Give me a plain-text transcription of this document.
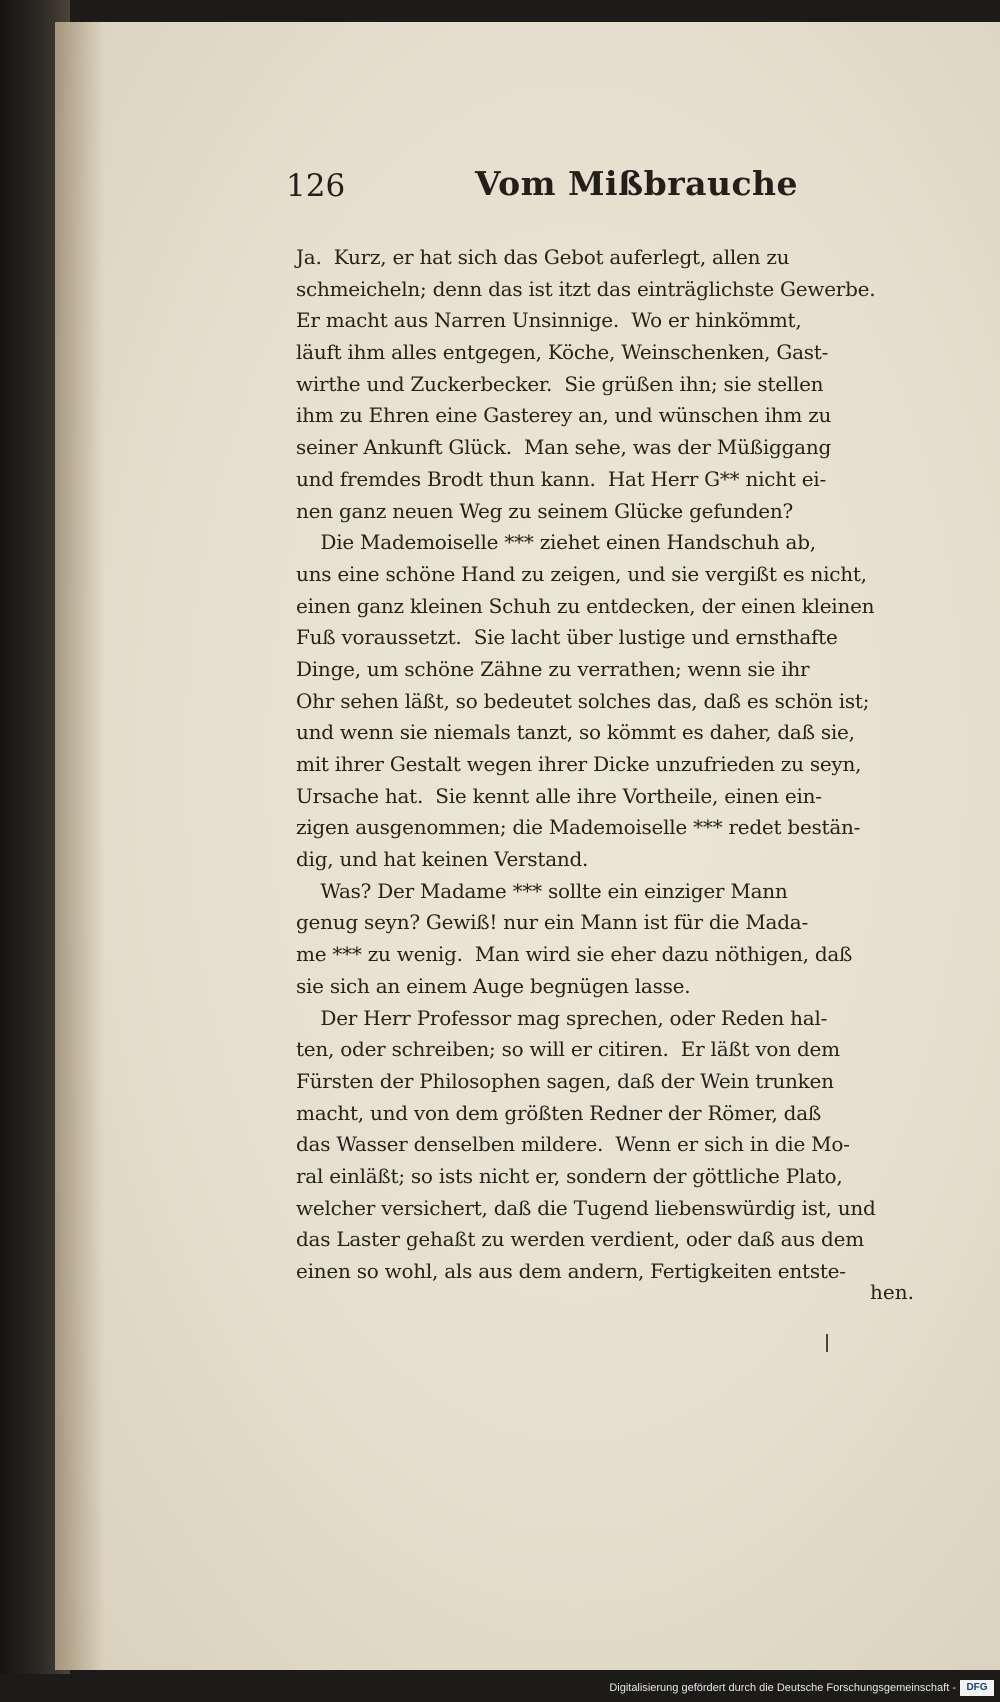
126	Vom Mißbrauche
Ja.  Kurz, er hat sich das Gebot auferlegt, allen zu
schmeicheln; denn das ist itzt das einträglichste Gewerbe.
Er macht aus Narren Unsinnige.  Wo er hinkömmt,
läuft ihm alles entgegen, Köche, Weinschenken, Gast-
wirthe und Zuckerbecker.  Sie grüßen ihn; sie stellen
ihm zu Ehren eine Gasterey an, und wünschen ihm zu
seiner Ankunft Glück.  Man sehe, was der Müßiggang
und fremdes Brodt thun kann.  Hat Herr G** nicht ei-
nen ganz neuen Weg zu seinem Glücke gefunden?
Die Mademoiselle *** ziehet einen Handschuh ab,
uns eine schöne Hand zu zeigen, und sie vergißt es nicht,
einen ganz kleinen Schuh zu entdecken, der einen kleinen
Fuß voraussetzt.  Sie lacht über lustige und ernsthafte
Dinge, um schöne Zähne zu verrathen; wenn sie ihr
Ohr sehen läßt, so bedeutet solches das, daß es schön ist;
und wenn sie niemals tanzt, so kömmt es daher, daß sie,
mit ihrer Gestalt wegen ihrer Dicke unzufrieden zu seyn,
Ursache hat.  Sie kennt alle ihre Vortheile, einen ein-
zigen ausgenommen; die Mademoiselle *** redet bestän-
dig, und hat keinen Verstand.
Was? Der Madame *** sollte ein einziger Mann
genug seyn? Gewiß! nur ein Mann ist für die Mada-
me *** zu wenig.  Man wird sie eher dazu nöthigen, daß
sie sich an einem Auge begnügen lasse.
Der Herr Professor mag sprechen, oder Reden hal-
ten, oder schreiben; so will er citiren.  Er läßt von dem
Fürsten der Philosophen sagen, daß der Wein trunken
macht, und von dem größten Redner der Römer, daß
das Wasser denselben mildere.  Wenn er sich in die Mo-
ral einläßt; so ists nicht er, sondern der göttliche Plato,
welcher versichert, daß die Tugend liebenswürdig ist, und
das Laster gehaßt zu werden verdient, oder daß aus dem
einen so wohl, als aus dem andern, Fertigkeiten entste-
hen.
Digitalisierung gefördert durch die Deutsche Forschungsgemeinschaft -	DFG
